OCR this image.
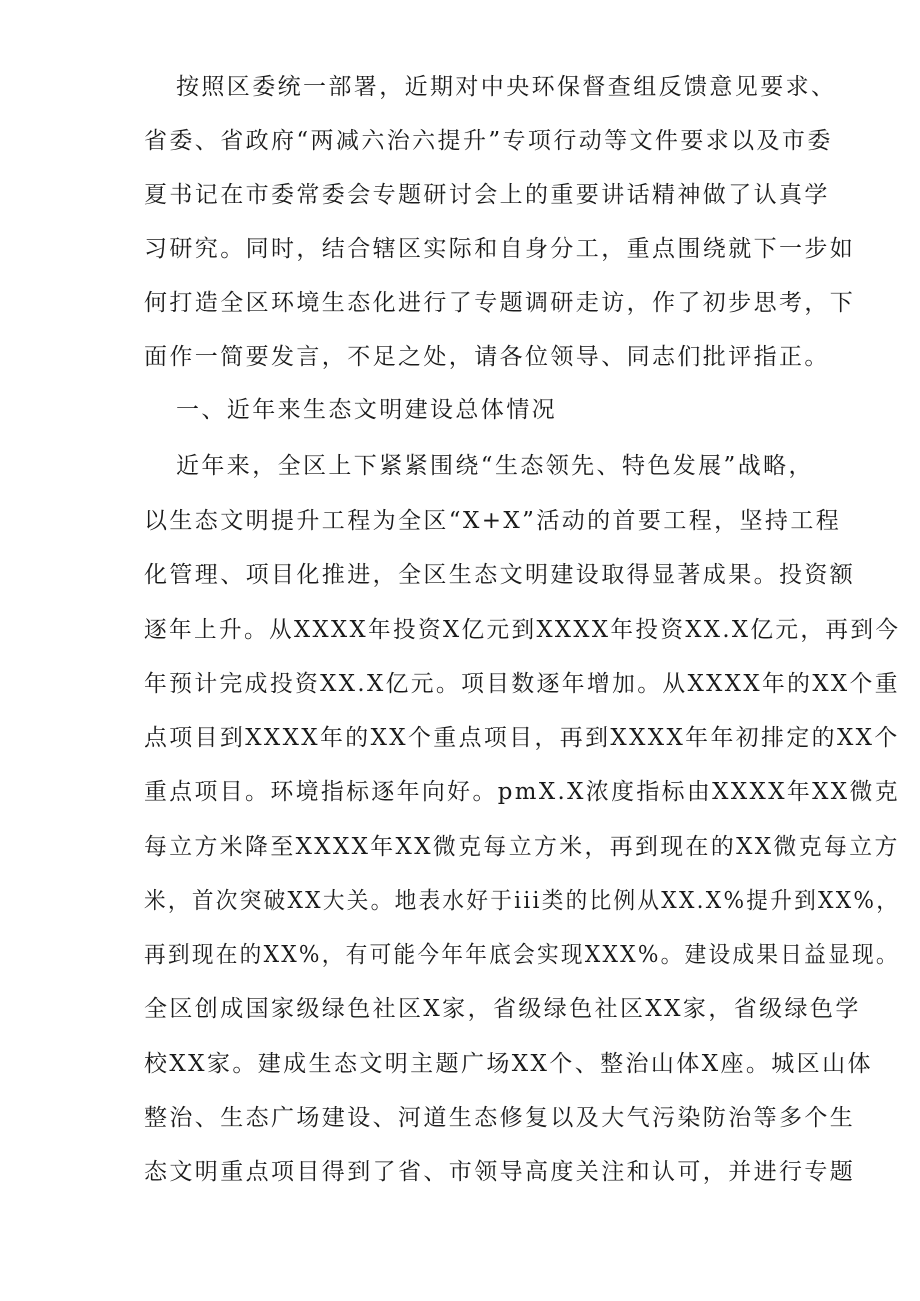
按照区委统一部署，近期对中央环保督查组反馈意见要求、
省委、省政府“两减六治六提升”专项行动等文件要求以及市委
夏书记在市委常委会专题研讨会上的重要讲话精神做了认真学
习研究。同时，结合辖区实际和自身分工，重点围绕就下一步如
何打造全区环境生态化进行了专题调研走访，作了初步思考，下
面作一简要发言，不足之处，请各位领导、同志们批评指正。
一、近年来生态文明建设总体情况
近年来，全区上下紧紧围绕“生态领先、特色发展”战略，
以生态文明提升工程为全区“X+X”活动的首要工程，坚持工程
化管理、项目化推进，全区生态文明建设取得显著成果。投资额
逐年上升。从XXXX年投资X亿元到XXXX年投资XX.X亿元，再到今
年预计完成投资XX.X亿元。项目数逐年增加。从XXXX年的XX个重
点项目到XXXX年的XX个重点项目，再到XXXX年年初排定的XX个
重点项目。环境指标逐年向好。pmX.X浓度指标由XXXX年XX微克
每立方米降至XXXX年XX微克每立方米，再到现在的XX微克每立方
米，首次突破XX大关。地表水好于iii类的比例从XX.X%提升到XX%，
再到现在的XX%，有可能今年年底会实现XXX%。建设成果日益显现。
全区创成国家级绿色社区X家，省级绿色社区XX家，省级绿色学
校XX家。建成生态文明主题广场XX个、整治山体X座。城区山体
整治、生态广场建设、河道生态修复以及大气污染防治等多个生
态文明重点项目得到了省、市领导高度关注和认可，并进行专题
